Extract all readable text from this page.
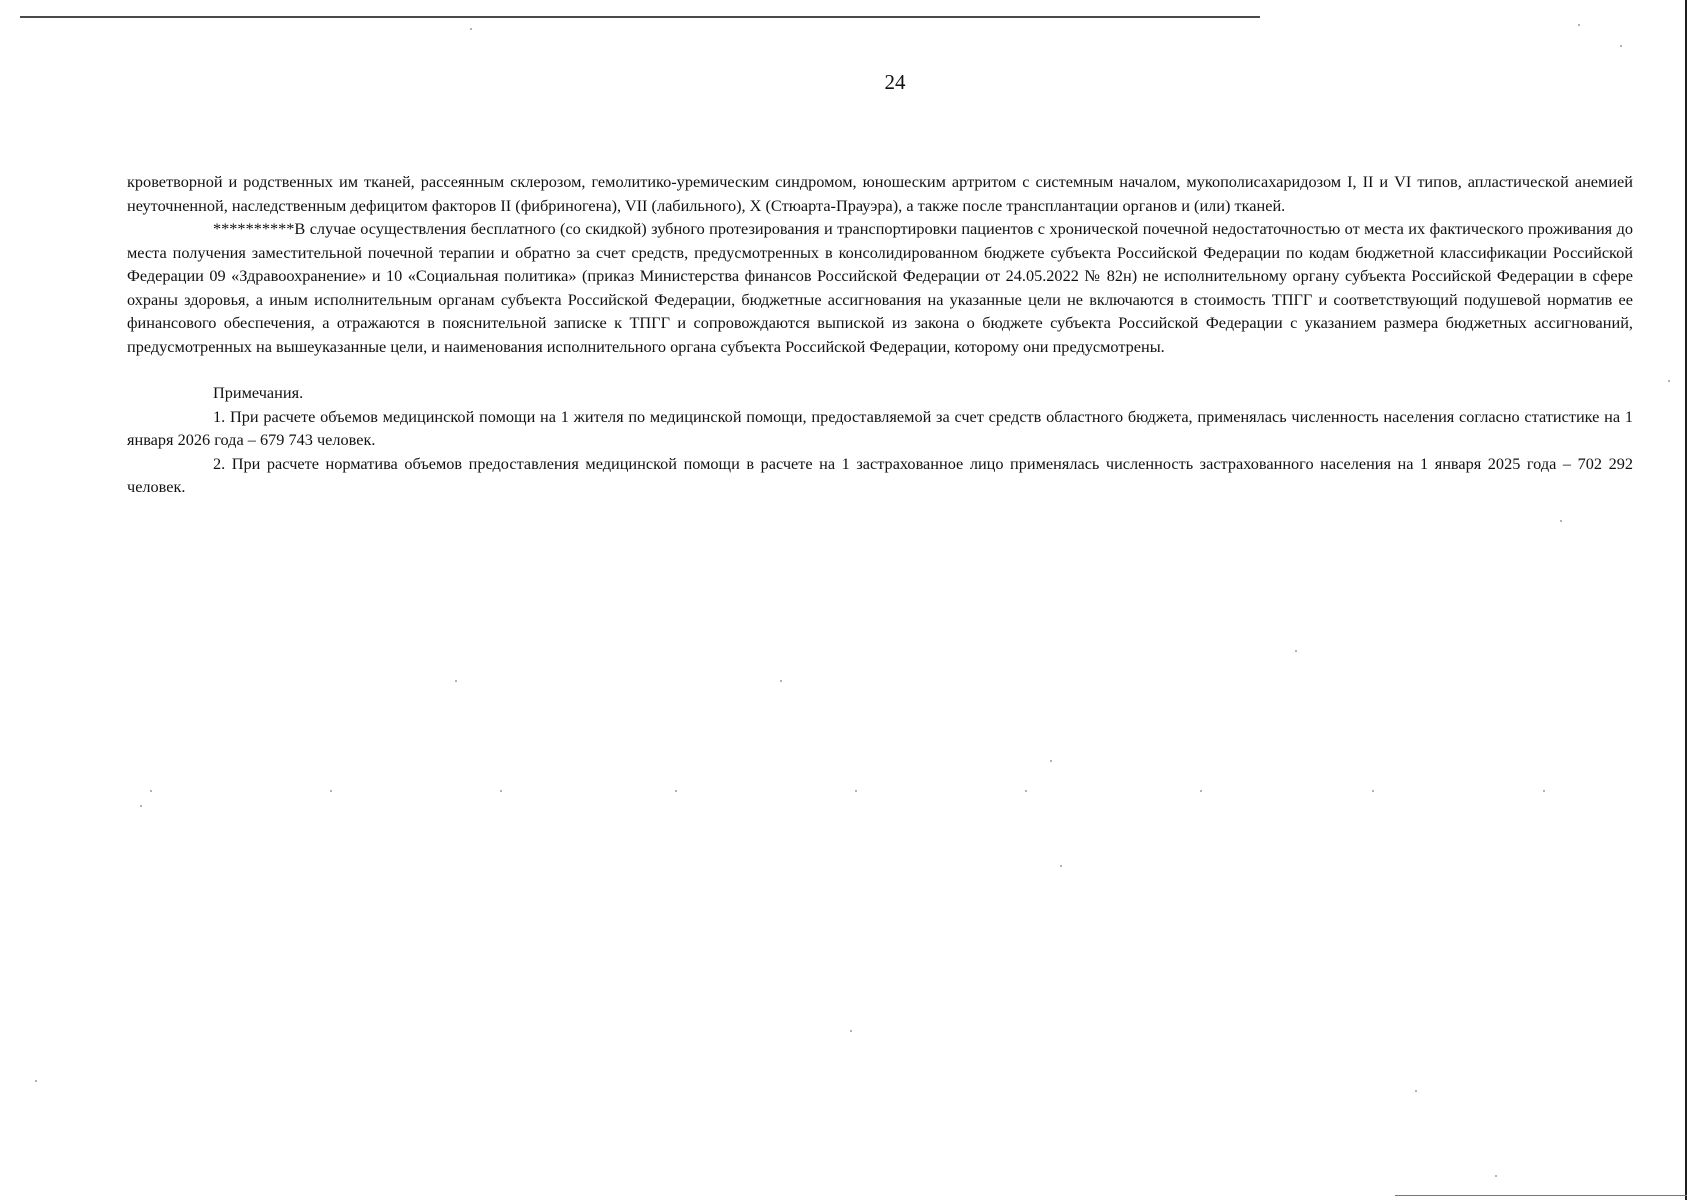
24

кроветворной и родственных им тканей, рассеянным склерозом, гемолитико-уремическим синдромом, юношеским артритом с системным началом, мукополисахаридозом I, II и VI типов, апластической анемией неуточненной, наследственным дефицитом факторов II (фибриногена), VII (лабильного), X (Стюарта-Прауэра), а также после трансплантации органов и (или) тканей.

**********В случае осуществления бесплатного (со скидкой) зубного протезирования и транспортировки пациентов с хронической почечной недостаточностью от места их фактического проживания до места получения заместительной почечной терапии и обратно за счет средств, предусмотренных в консолидированном бюджете субъекта Российской Федерации по кодам бюджетной классификации Российской Федерации 09 «Здравоохранение» и 10 «Социальная политика» (приказ Министерства финансов Российской Федерации от 24.05.2022 № 82н) не исполнительному органу субъекта Российской Федерации в сфере охраны здоровья, а иным исполнительным органам субъекта Российской Федерации, бюджетные ассигнования на указанные цели не включаются в стоимость ТПГГ и соответствующий подушевой норматив ее финансового обеспечения, а отражаются в пояснительной записке к ТПГГ и сопровождаются выпиской из закона о бюджете субъекта Российской Федерации с указанием размера бюджетных ассигнований, предусмотренных на вышеуказанные цели, и наименования исполнительного органа субъекта Российской Федерации, которому они предусмотрены.

Примечания.

1. При расчете объемов медицинской помощи на 1 жителя по медицинской помощи, предоставляемой за счет средств областного бюджета, применялась численность населения согласно статистике на 1 января 2026 года – 679 743 человек.

2. При расчете норматива объемов предоставления медицинской помощи в расчете на 1 застрахованное лицо применялась численность застрахованного населения на 1 января 2025 года – 702 292 человек.
